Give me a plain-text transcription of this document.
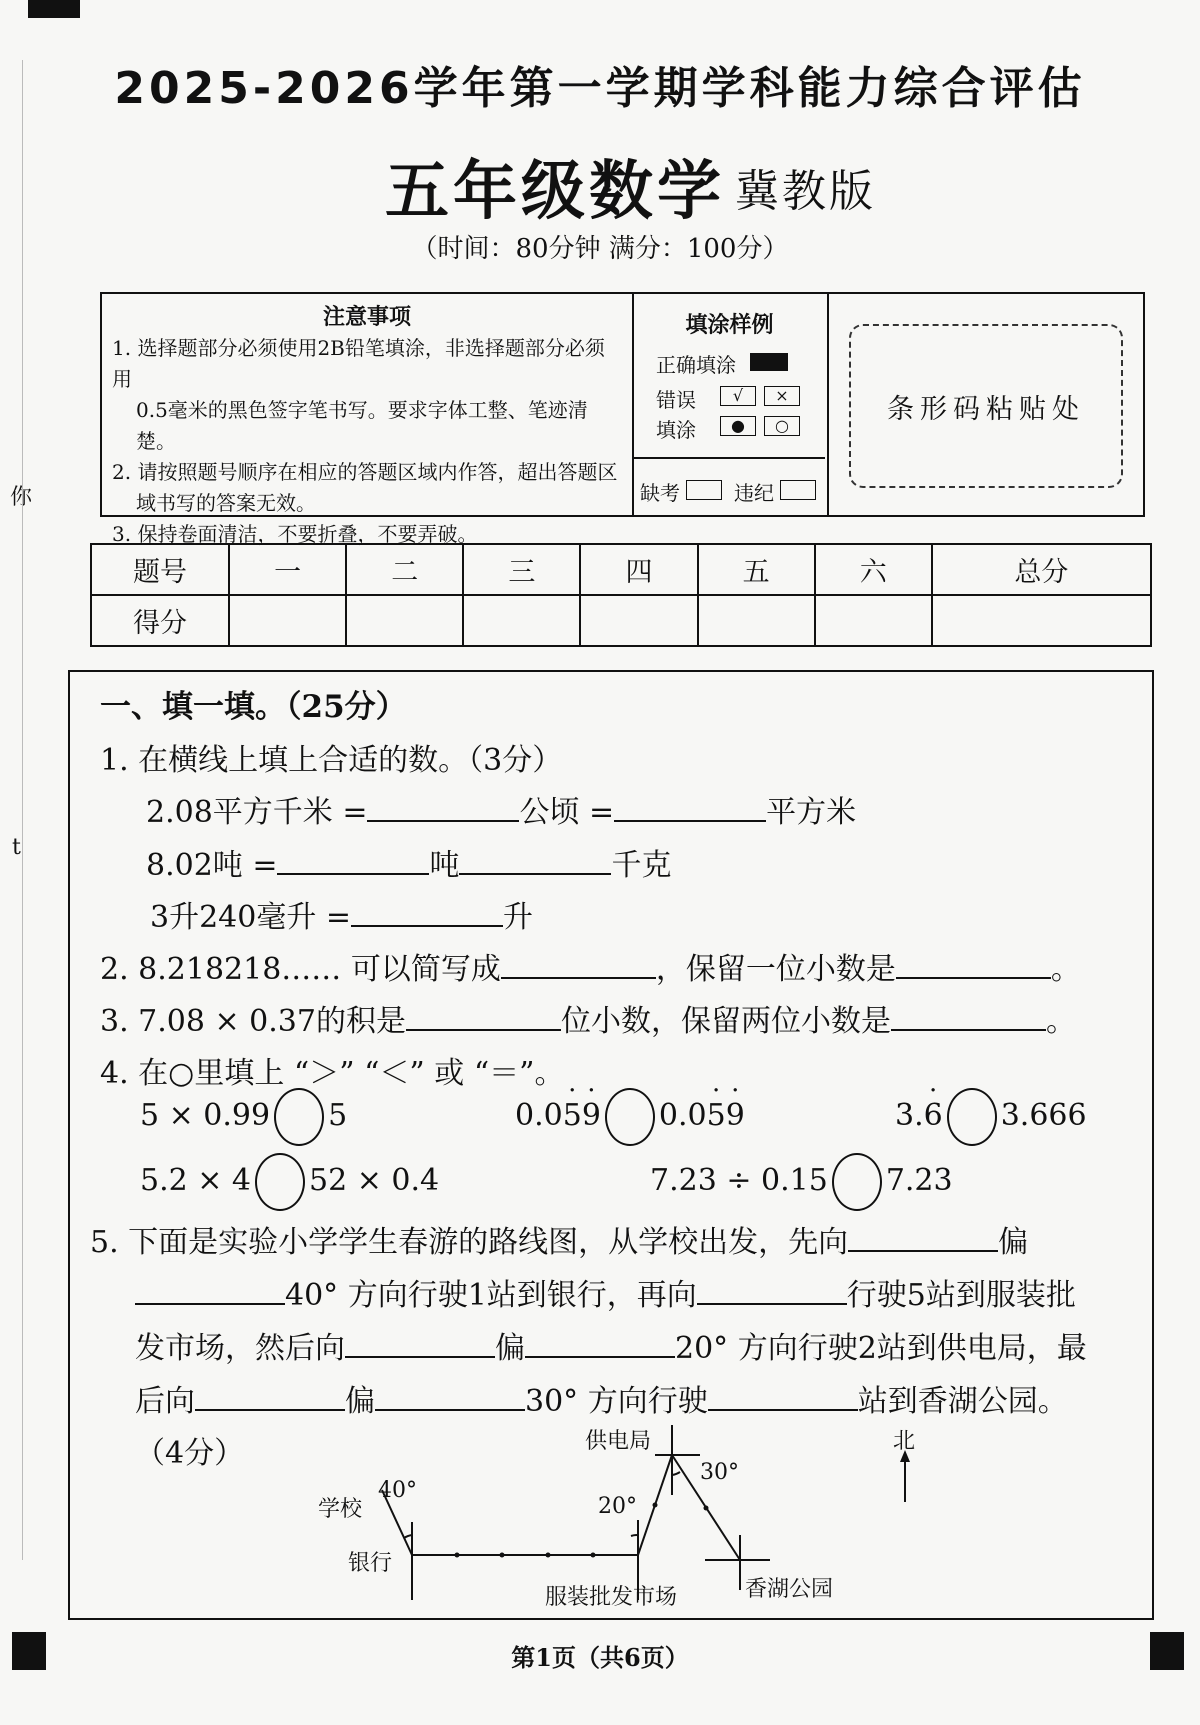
你
t
2025-2026学年第一学期学科能力综合评估
五年级数学 冀教版
（时间：80分钟 满分：100分）
注意事项
1. 选择题部分必须使用2B铅笔填涂，非选择题部分必须用
0.5毫米的黑色签字笔书写。要求字体工整、笔迹清楚。
2. 请按照题号顺序在相应的答题区域内作答，超出答题区
域书写的答案无效。
3. 保持卷面清洁，不要折叠，不要弄破。
填涂样例
正确填涂
错误
填涂
√	×
●	○
缺考	违纪
条形码粘贴处
题号	一	二	三	四	五	六	总分
得分							
一、填一填。（25分）
1. 在横线上填上合适的数。（3分）
2.08平方千米 =	公顷 =	平方米
8.02吨 =	吨	千克
3升240毫升 =	升
2. 8.218218…… 可以简写成	，保留一位小数是	。
3. 7.08 × 0.37的积是	位小数，保留两位小数是	。
4. 在○里填上 “＞” “＜” 或 “＝”。
5 × 0.99 5	0.05 ·9 · 0.05 ·9 ·	3.6 · 3.666
5.2 × 4 52 × 0.4	7.23 ÷ 0.15 7.23
5. 下面是实验小学学生春游的路线图，从学校出发，先向	偏
40° 方向行驶1站到银行，再向	行驶5站到服装批
发市场，然后向	偏	20° 方向行驶2站到供电局，最
后向	偏	30° 方向行驶	站到香湖公园。
（4分）	供电局	北
30°
学校
40°
20°
银行
服装批发市场	香湖公园
第1页（共6页）
